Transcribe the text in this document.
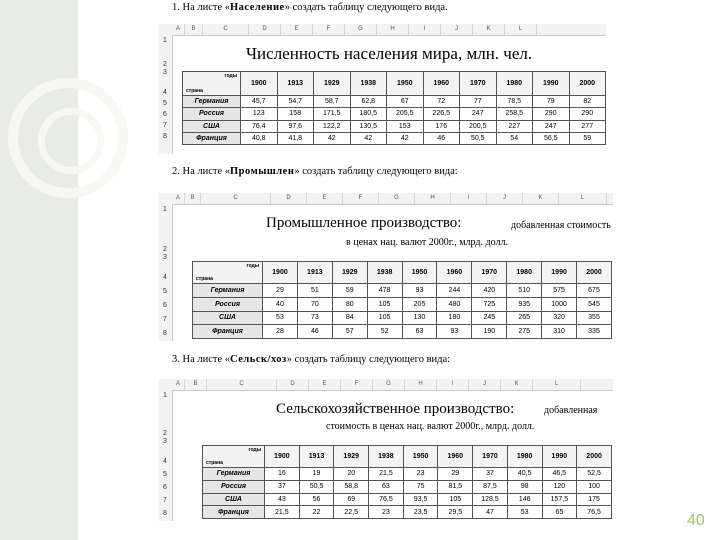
1. На листе «Население» создать таблицу следующего вида.
A	B	C	D	E	F	G	H	I	J	K	L
1
2
3
4
5
6
7
8
Численность населения мира, млн. чел.
годы
страна	1900	1913	1929	1938	1950	1960	1970	1980	1990	2000
Германия	45,7	54,7	58,7	62,8	67	72	77	78,5	79	82
Россия	123	158	171,5	180,5	205,5	226,5	247	258,5	290	290
США	76,4	97,6	122,2	130,5	153	176	200,5	227	247	277
Франция	40,8	41,8	42	42	42	46	50,5	54	56,5	59
2. На листе «Промышлен» создать таблицу следующего вида:
A	B	C	D	E	F	G	H	I	J	K	L
1
2
3
4
5
6
7
8
Промышленное производство:	добавленная стоимость
в ценах нац. валют 2000г., млрд. долл.
годы
страна	1900	1913	1929	1938	1950	1960	1970	1980	1990	2000
Германия	29	51	59	478	93	244	420	510	575	675
Россия	40	70	80	105	205	480	725	935	1000	545
США	53	73	84	105	130	180	245	265	320	355
Франция	28	46	57	52	63	93	190	275	310	335
3. На листе «Сельск/хоз» создать таблицу следующего вида:
A	B	C	D	E	F	G	H	I	J	K	L
1
2
3
4
5
6
7
8
Сельскохозяйственное производство:	добавленная
стоимость в ценах нац. валют 2000г., млрд. долл.
годы
страна	1900	1913	1929	1938	1950	1960	1970	1980	1990	2000
Германия	16	19	20	21,5	23	29	37	40,5	46,5	52,5
Россия	37	50,5	58,8	63	75	81,5	87,5	98	120	100
США	43	56	69	76,5	93,5	105	128,5	146	157,5	175
Франция	21,5	22	22,5	23	23,5	29,5	47	53	65	76,5	40
